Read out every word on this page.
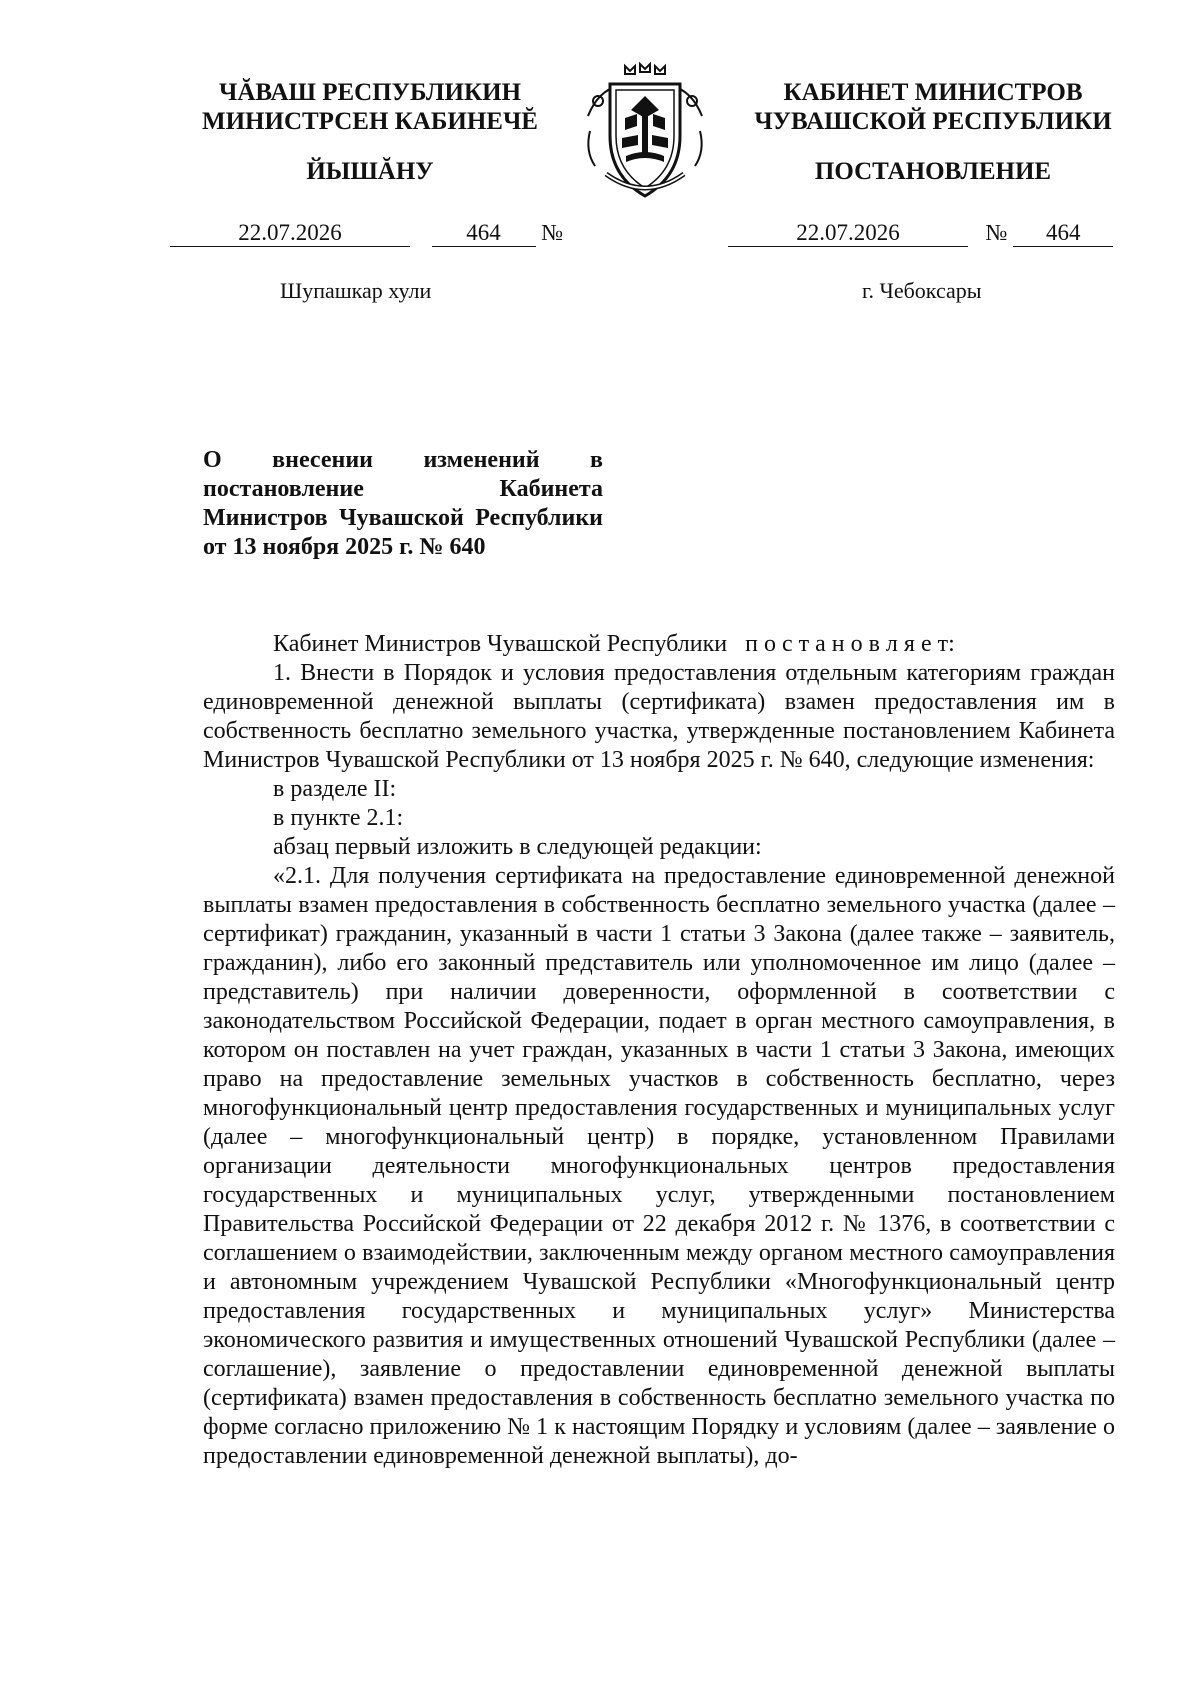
ЧĂВАШ РЕСПУБЛИКИН
МИНИСТРСЕН КАБИНЕЧĔ
ЙЫШĂНУ
КАБИНЕТ МИНИСТРОВ
ЧУВАШСКОЙ РЕСПУБЛИКИ
ПОСТАНОВЛЕНИЕ
22.07.2026	464 №	22.07.2026	№ 464
Шупашкар хули	г. Чебоксары
О внесении изменений в постановление Кабинета Министров Чувашской Республики от 13 ноября 2025 г. № 640

Кабинет Министров Чувашской Республики п о с т а н о в л я е т:

1. Внести в Порядок и условия предоставления отдельным категориям граждан единовременной денежной выплаты (сертификата) взамен предоставления им в собственность бесплатно земельного участка, утвержденные постановлением Кабинета Министров Чувашской Республики от 13 ноября 2025 г. № 640, следующие изменения:

в разделе II:

в пункте 2.1:

абзац первый изложить в следующей редакции:

«2.1. Для получения сертификата на предоставление единовременной денежной выплаты взамен предоставления в собственность бесплатно земельного участка (далее – сертификат) гражданин, указанный в части 1 статьи 3 Закона (далее также – заявитель, гражданин), либо его законный представитель или уполномоченное им лицо (далее – представитель) при наличии доверенности, оформленной в соответствии с законодательством Российской Федерации, подает в орган местного самоуправления, в котором он поставлен на учет граждан, указанных в части 1 статьи 3 Закона, имеющих право на предоставление земельных участков в собственность бесплатно, через многофункциональный центр предоставления государственных и муниципальных услуг (далее – многофункциональный центр) в порядке, установленном Правилами организации деятельности многофункциональных центров предоставления государственных и муниципальных услуг, утвержденными постановлением Правительства Российской Федерации от 22 декабря 2012 г. № 1376, в соответствии с соглашением о взаимодействии, заключенным между органом местного самоуправления и автономным учреждением Чувашской Республики «Многофункциональный центр предоставления государственных и муниципальных услуг» Министерства экономического развития и имущественных отношений Чувашской Республики (далее – соглашение), заявление о предоставлении единовременной денежной выплаты (сертификата) взамен предоставления в собственность бесплатно земельного участка по форме согласно приложению № 1 к настоящим Порядку и условиям (далее – заявление о предоставлении единовременной денежной выплаты), до-
